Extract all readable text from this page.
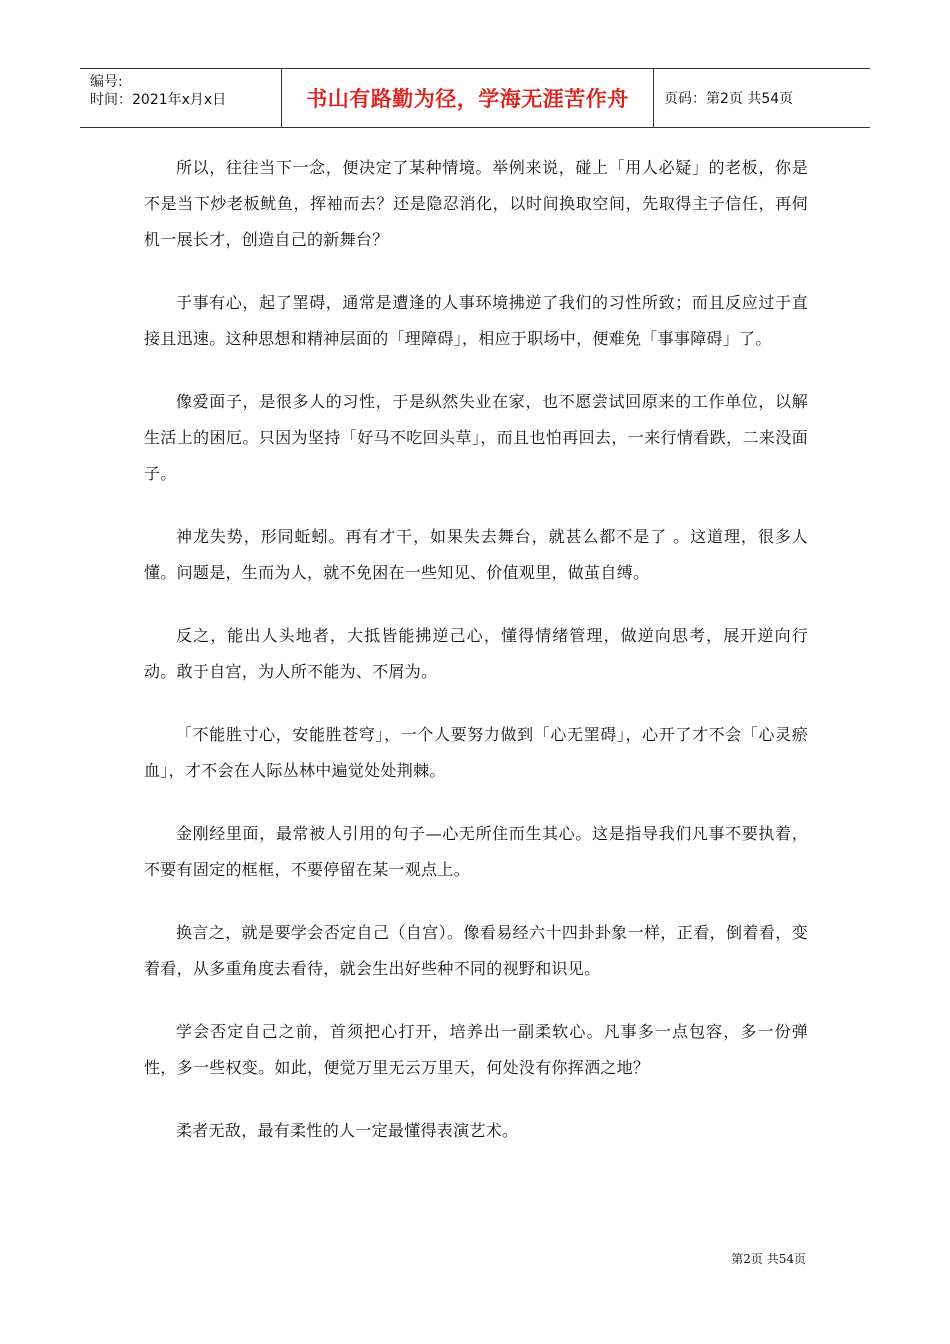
编号:
时间：2021年x月x日	书山有路勤为径，学海无涯苦作舟	页码：第2页 共54页

所以，往往当下一念，便决定了某种情境。举例来说，碰上「用人必疑」的老板，你是不是当下炒老板鱿鱼，挥袖而去？还是隐忍消化，以时间换取空间，先取得主子信任，再伺机一展长才，创造自己的新舞台？

于事有心，起了罣碍，通常是遭逢的人事环境拂逆了我们的习性所致；而且反应过于直接且迅速。这种思想和精神层面的「理障碍」，相应于职场中，便难免「事事障碍」了。

像爱面子，是很多人的习性，于是纵然失业在家，也不愿尝试回原来的工作单位，以解生活上的困厄。只因为坚持「好马不吃回头草」，而且也怕再回去，一来行情看跌，二来没面子。

神龙失势，形同蚯蚓。再有才干，如果失去舞台，就甚么都不是了 。这道理，很多人懂。问题是，生而为人，就不免困在一些知见、价值观里，做茧自缚。

反之，能出人头地者，大抵皆能拂逆己心，懂得情绪管理，做逆向思考，展开逆向行动。敢于自宫，为人所不能为、不屑为。

「不能胜寸心，安能胜苍穹」，一个人要努力做到「心无罣碍」，心开了才不会「心灵瘀血」，才不会在人际丛林中遍觉处处荆棘。

金刚经里面，最常被人引用的句子—心无所住而生其心。这是指导我们凡事不要执着，不要有固定的框框，不要停留在某一观点上。

换言之，就是要学会否定自己（自宫）。像看易经六十四卦卦象一样，正看，倒着看，变着看，从多重角度去看待，就会生出好些种不同的视野和识见。

学会否定自己之前，首须把心打开，培养出一副柔软心。凡事多一点包容，多一份弹性，多一些权变。如此，便觉万里无云万里天，何处没有你挥洒之地？

柔者无敌，最有柔性的人一定最懂得表演艺术。

第2页 共54页
